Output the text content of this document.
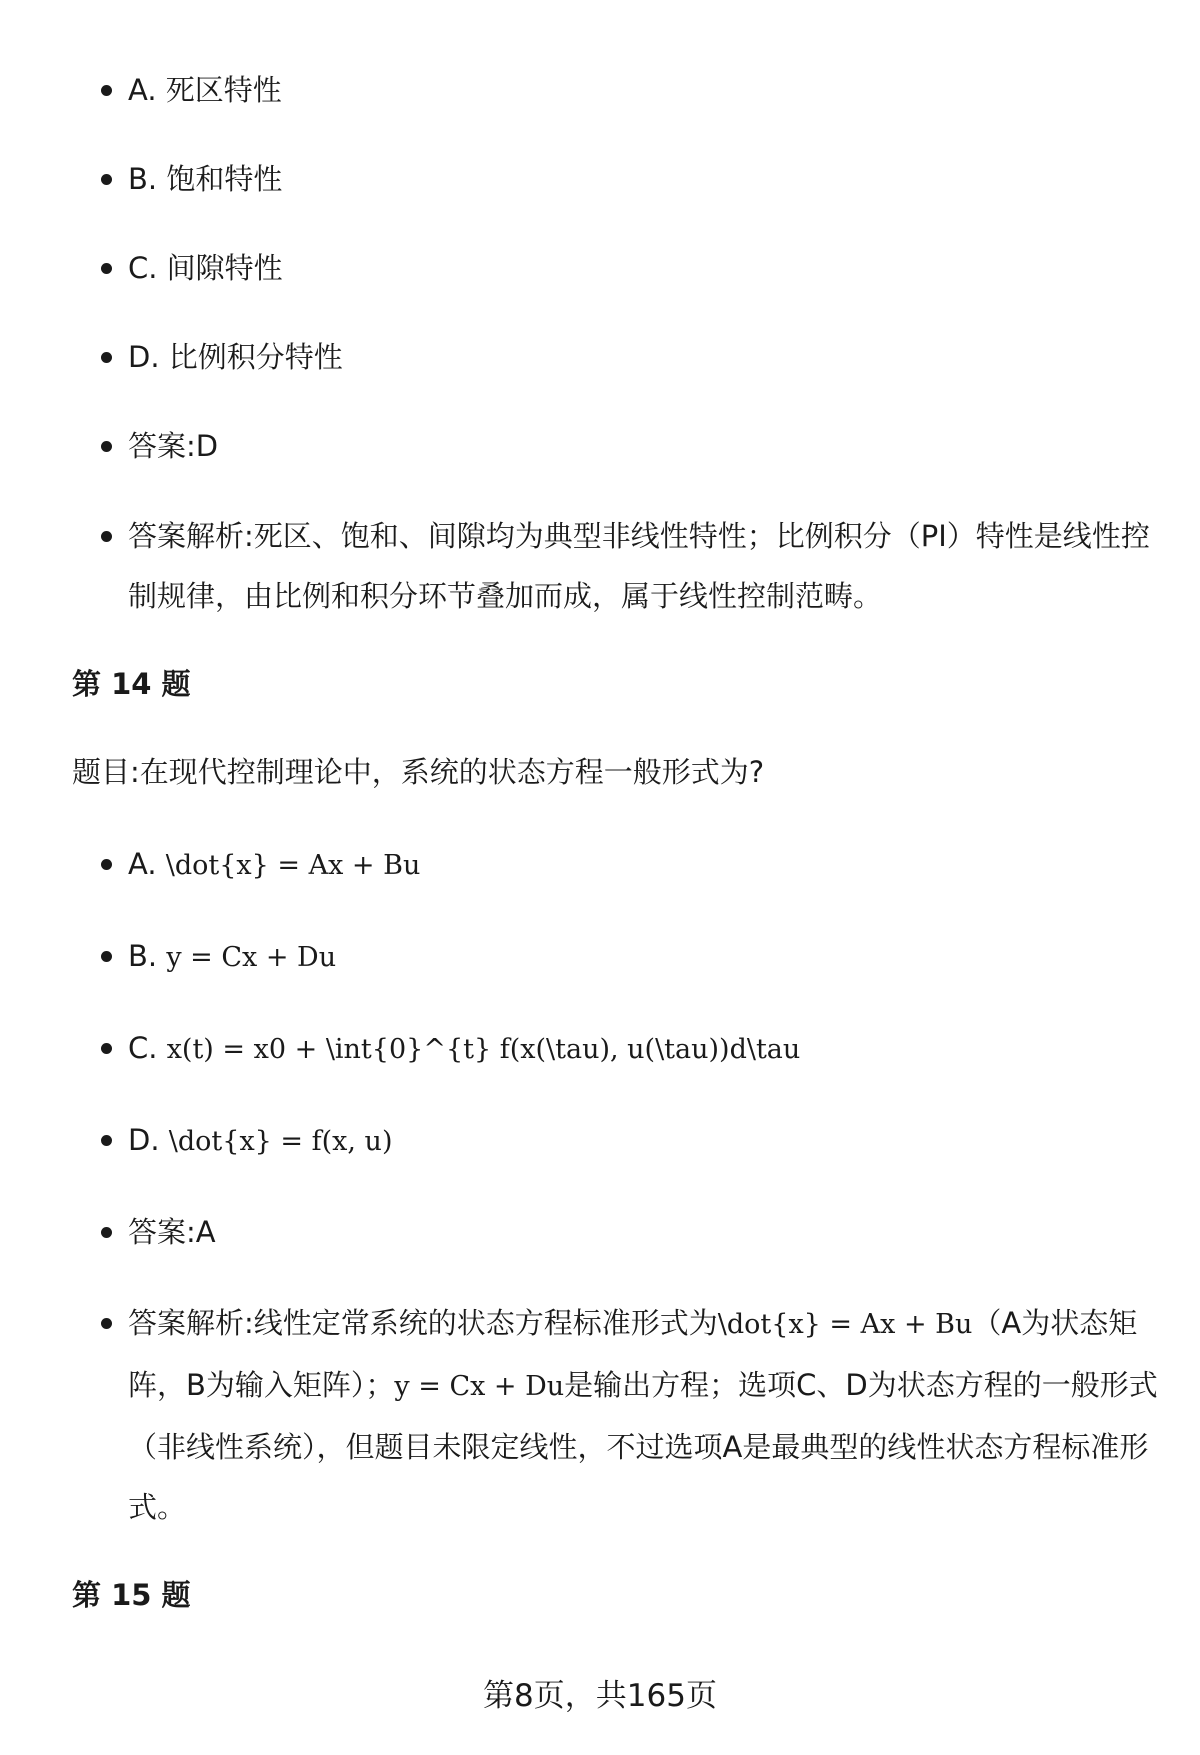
A. 死区特性
B. 饱和特性
C. 间隙特性
D. 比例积分特性
答案:D
答案解析:死区、饱和、间隙均为典型非线性特性；比例积分（PI）特性是线性控制规律，由比例和积分环节叠加而成，属于线性控制范畴。
第 14 题
题目:在现代控制理论中，系统的状态方程一般形式为?
A. \dot{x} = Ax + Bu
B. y = Cx + Du
C. x(t) = x0 + \int{0}^{t} f(x(\tau), u(\tau))d\tau
D. \dot{x} = f(x, u)
答案:A
答案解析:线性定常系统的状态方程标准形式为\dot{x} = Ax + Bu（A为状态矩阵，B为输入矩阵）；y = Cx + Du是输出方程；选项C、D为状态方程的一般形式（非线性系统），但题目未限定线性，不过选项A是最典型的线性状态方程标准形式。
第 15 题
第8页，共165页
